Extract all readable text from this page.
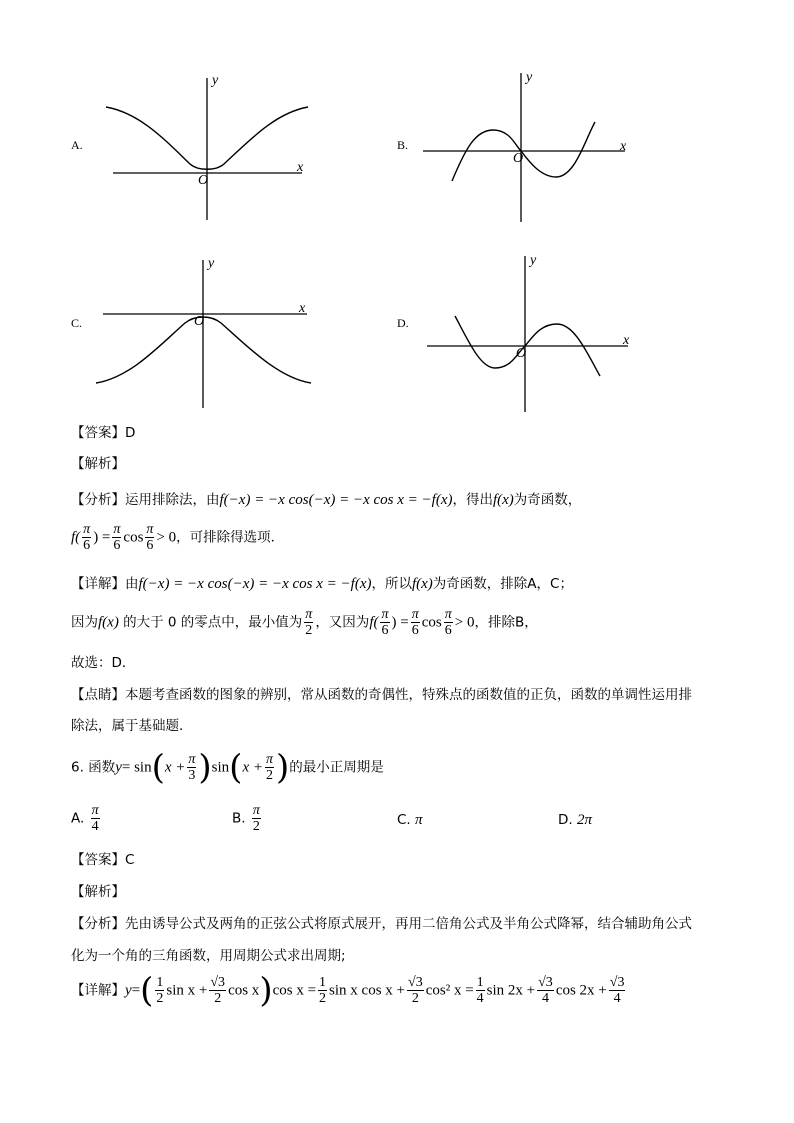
A.
y
x
O
B.
y
x
O
C.
y
x
O	D.
y
x
O
【答案】D
【解析】
【分析】运用排除法，由f(−x) = −x cos(−x) = −x cos x = −f(x)，得出f(x)为奇函数，
$f( \frac{\pi}{6}$ ) = $\frac{\pi}{6}$ $\cos \frac{\pi}{6} > 0$，可排除得选项．
【详解】由f(−x) = −x cos(−x) = −x cos x = −f(x)，所以f(x)为奇函数，排除A，C；
因为f(x) 的大于 0 的零点中，最小值为 $\frac{\pi}{2}$ ，又因为$f( \frac{\pi}{6}$ ) = $\frac{\pi}{6}$ $\cos \frac{\pi}{6} > 0$，排除B，
故选：D．
【点睛】本题考查函数的图象的辨别，常从函数的奇偶性，特殊点的函数值的正负，函数的单调性运用排
除法，属于基础题．
6. 函数$y= \sin(x + \frac{\pi}{3} )\sin(x + \frac{\pi}{2}$ )的最小正周期是
A. $\frac{\pi}{4}$	B. $\frac{\pi}{2}$	C. π	D. 2π
【答案】C
【解析】
【分析】先由诱导公式及两角的正弦公式将原式展开，再用二倍角公式及半角公式降幂，结合辅助角公式
化为一个角的三角函数，用周期公式求出周期;
【详解】$y=( \frac{1}{2}$ $\sin x + \frac{√3}{2}$ cos x)cos $x = \frac{1}{2}$ sin x $\cos x + \frac{√3}{2} \cos^2$ $x = \frac{1}{4}$ $\sin 2x + \frac{√3}{4}$ $\cos 2x + \frac{√3}{4}$
